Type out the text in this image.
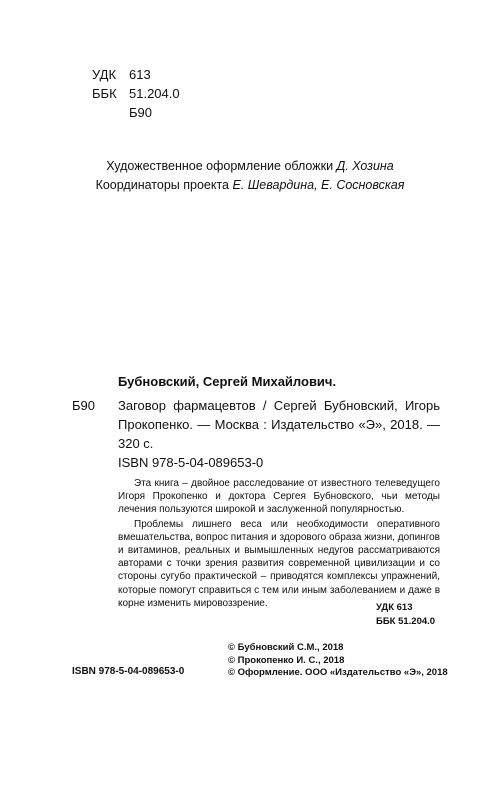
УДК 613
ББК 51.204.0
Б90
Художественное оформление обложки Д. Хозина
Координаторы проекта Е. Шевардина, Е. Сосновская
Бубновский, Сергей Михайлович.
Б90 Заговор фармацевтов / Сергей Бубновский, Игорь Прокопенко. — Москва : Издательство «Э», 2018. — 320 с.
ISBN 978-5-04-089653-0

Эта книга – двойное расследование от известного телеведущего Игоря Прокопенко и доктора Сергея Бубновского, чьи методы лечения пользуются широкой и заслуженной популярностью.

Проблемы лишнего веса или необходимости оперативного вмешательства, вопрос питания и здорового образа жизни, допингов и витаминов, реальных и вымышленных недугов рассматриваются авторами с точки зрения развития современной цивилизации и со стороны сугубо практической – приводятся комплексы упражнений, которые помогут справиться с тем или иным заболеванием и даже в корне изменить мировоззрение.	УДК 613
ББК 51.204.0
ISBN 978-5-04-089653-0
© Бубновский С.М., 2018
© Прокопенко И. С., 2018
© Оформление. ООО «Издательство «Э», 2018
